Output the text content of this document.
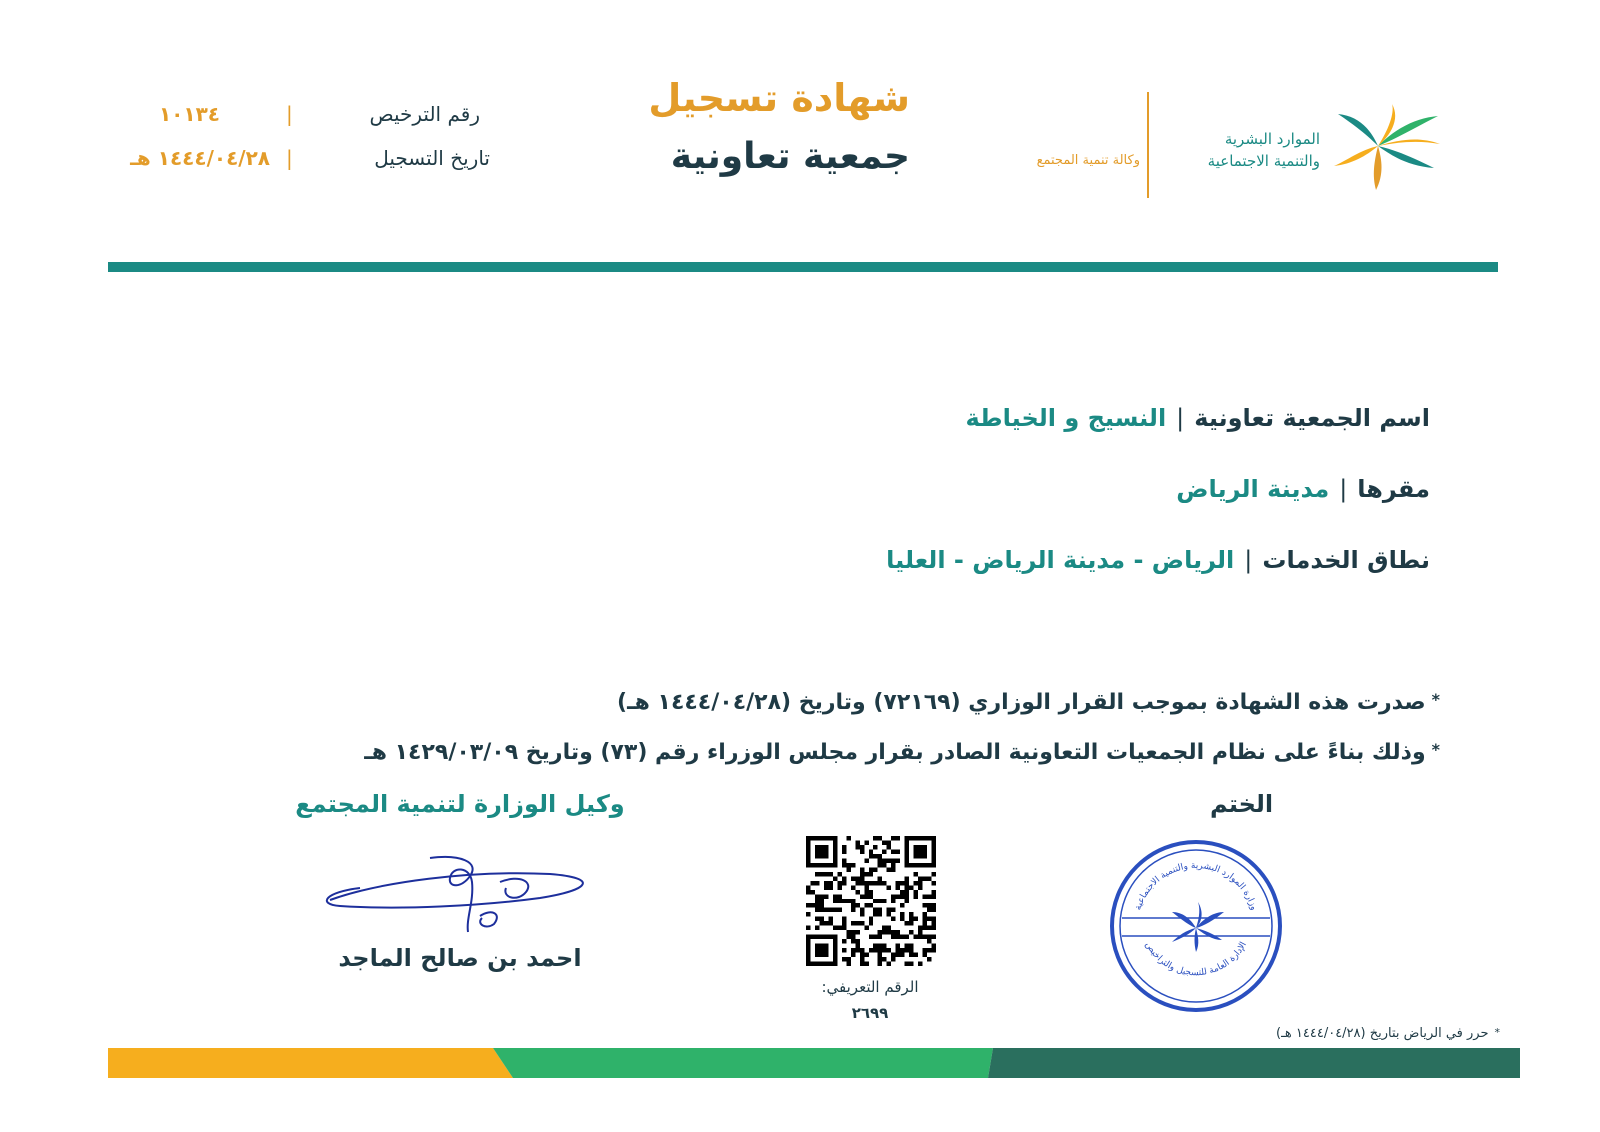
الموارد البشرية
والتنمية الاجتماعية
وكالة تنمية المجتمع
شهادة تسجيل
جمعية تعاونية
رقم الترخيص
|
١٠١٣٤
تاريخ التسجيل
|
١٤٤٤/٠٤/٢٨ هـ
اسم الجمعية تعاونية|النسيج و الخياطة
مقرها|مدينة الرياض
نطاق الخدمات|الرياض - مدينة الرياض - العليا
*صدرت هذه الشهادة بموجب القرار الوزاري (٧٢١٦٩) وتاريخ (١٤٤٤/٠٤/٢٨ هـ)
*وذلك بناءً على نظام الجمعيات التعاونية الصادر بقرار مجلس الوزراء رقم (٧٣) وتاريخ ١٤٢٩/٠٣/٠٩ هـ
الختم
وزارة الموارد البشرية والتنمية الاجتماعية
الإدارة العامة للتسجيل والتراخيص
الرقم التعريفي:
٢٦٩٩
وكيل الوزارة لتنمية المجتمع
احمد بن صالح الماجد
*حرر في الرياض بتاريخ (١٤٤٤/٠٤/٢٨ هـ)
